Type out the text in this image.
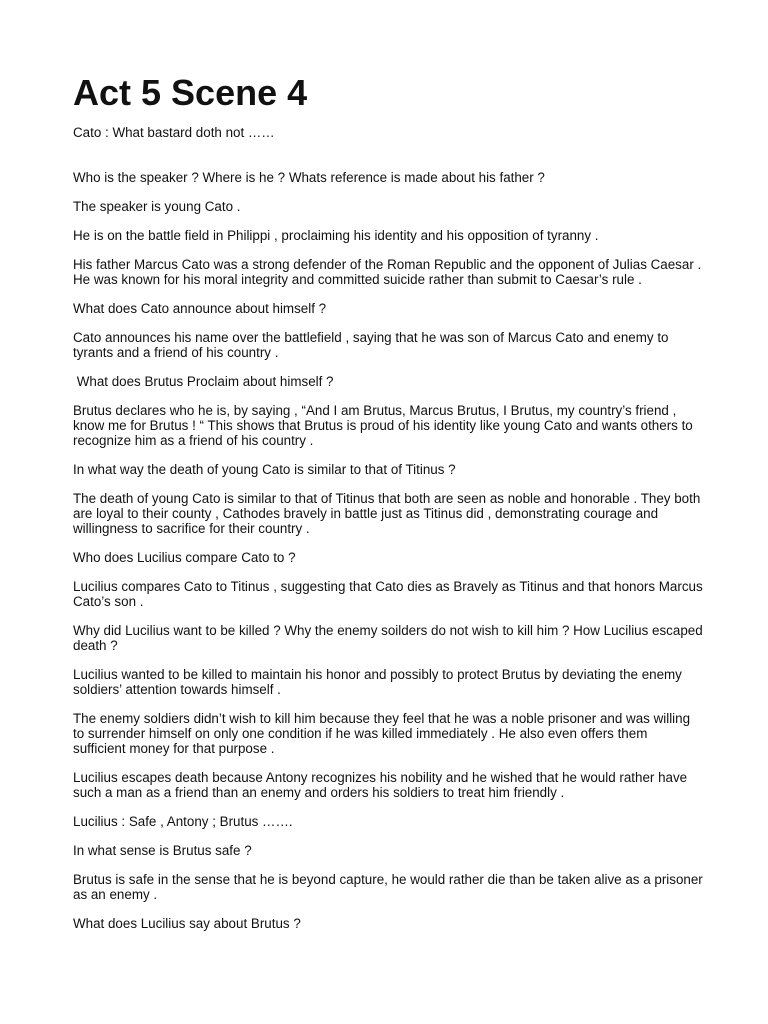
Act 5 Scene 4

Cato : What bastard doth not ……

Who is the speaker ? Where is he ? Whats reference is made about his father ?

The speaker is young Cato .

He is on the battle field in Philippi , proclaiming his identity and his opposition of tyranny .

His father Marcus Cato was a strong defender of the Roman Republic and the opponent of Julias Caesar . He was known for his moral integrity and committed suicide rather than submit to Caesar’s rule .

What does Cato announce about himself ?

Cato announces his name over the battlefield , saying that he was son of Marcus Cato and enemy to tyrants and a friend of his country .

What does Brutus Proclaim about himself ?

Brutus declares who he is, by saying , “And I am Brutus, Marcus Brutus, I Brutus, my country’s friend , know me for Brutus ! “ This shows that Brutus is proud of his identity like young Cato and wants others to recognize him as a friend of his country .

In what way the death of young Cato is similar to that of Titinus ?

The death of young Cato is similar to that of Titinus that both are seen as noble and honorable . They both are loyal to their county , Cathodes bravely in battle just as Titinus did , demonstrating courage and willingness to sacrifice for their country .

Who does Lucilius compare Cato to ?

Lucilius compares Cato to Titinus , suggesting that Cato dies as Bravely as Titinus and that honors Marcus Cato’s son .

Why did Lucilius want to be killed ? Why the enemy soilders do not wish to kill him ? How Lucilius escaped death ?

Lucilius wanted to be killed to maintain his honor and possibly to protect Brutus by deviating the enemy soldiers’ attention towards himself .

The enemy soldiers didn’t wish to kill him because they feel that he was a noble prisoner and was willing to surrender himself on only one condition if he was killed immediately . He also even offers them sufficient money for that purpose .

Lucilius escapes death because Antony recognizes his nobility and he wished that he would rather have such a man as a friend than an enemy and orders his soldiers to treat him friendly .

Lucilius : Safe , Antony ; Brutus …….

In what sense is Brutus safe ?

Brutus is safe in the sense that he is beyond capture, he would rather die than be taken alive as a prisoner as an enemy .

What does Lucilius say about Brutus ?
